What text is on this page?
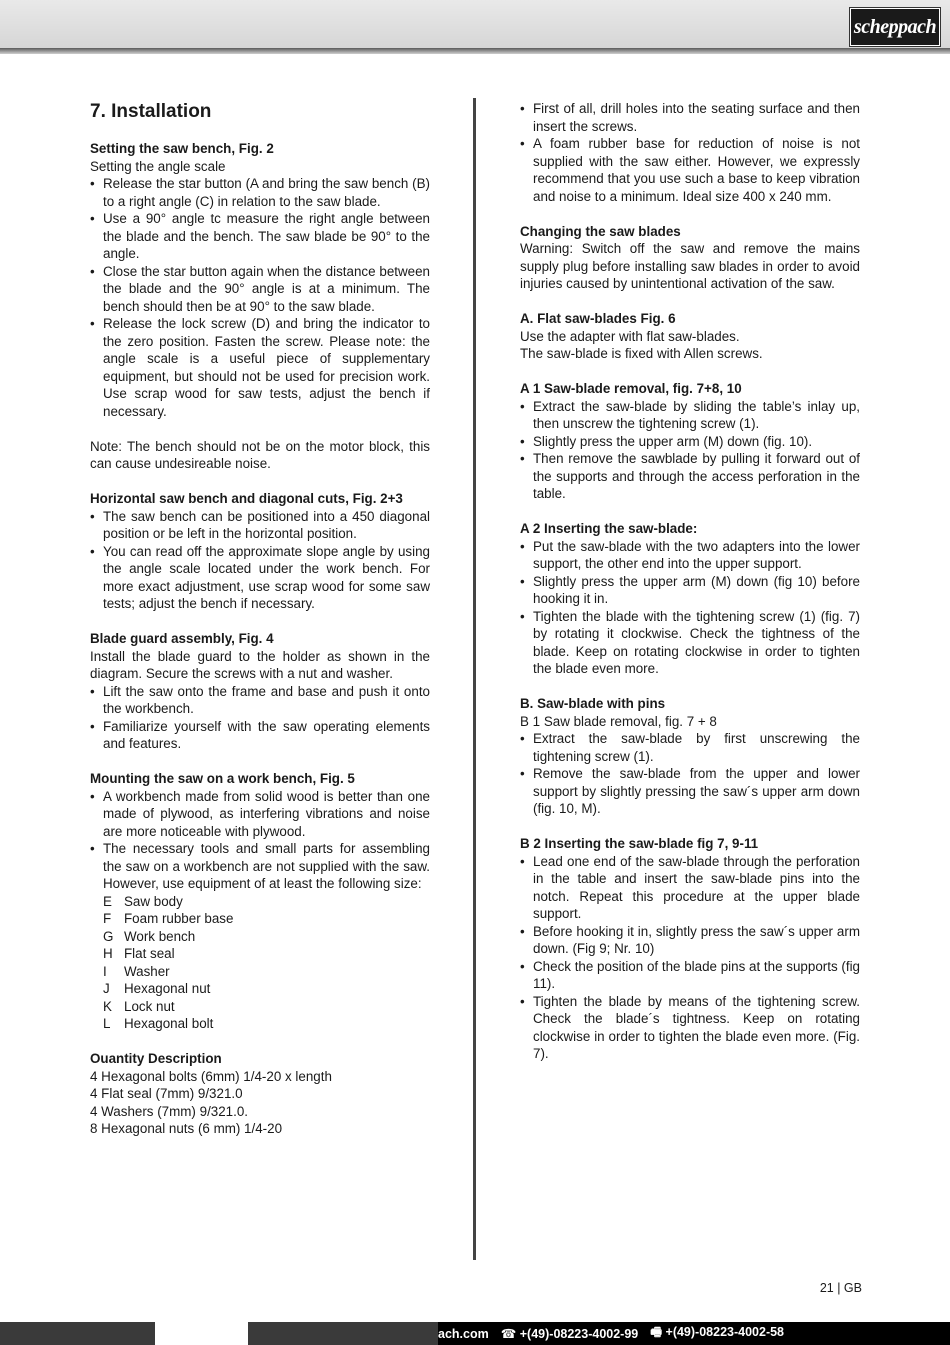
scheppach
7. Installation
Setting the saw bench, Fig. 2

Setting the angle scale

• Release the star button (A and bring the saw bench (B) to a right angle (C) in relation to the saw blade.
• Use a 90° angle tc measure the right angle between the blade and the bench. The saw blade be 90° to the angle.
• Close the star button again when the distance between the blade and the 90° angle is at a minimum. The bench should then be at 90° to the saw blade.
• Release the lock screw (D) and bring the indicator to the zero position. Fasten the screw. Please note: the angle scale is a useful piece of supplementary equipment, but should not be used for precision work. Use scrap wood for saw tests, adjust the bench if necessary.

Note: The bench should not be on the motor block, this can cause undesireable noise.

Horizontal saw bench and diagonal cuts, Fig. 2+3
• The saw bench can be positioned into a 450 diagonal position or be left in the horizontal position.
• You can read off the approximate slope angle by using the angle scale located under the work bench. For more exact adjustment, use scrap wood for some saw tests; adjust the bench if necessary.
Blade guard assembly, Fig. 4

Install the blade guard to the holder as shown in the diagram. Secure the screws with a nut and washer.

• Lift the saw onto the frame and base and push it onto the workbench.
• Familiarize yourself with the saw operating elements and features.
Mounting the saw on a work bench, Fig. 5
• A workbench made from solid wood is better than one made of plywood, as interfering vibrations and noise are more noticeable with plywood.
• The necessary tools and small parts for assembling the saw on a workbench are not supplied with the saw. However, use equipment of at least the following size:
E Saw body
F Foam rubber base
G Work bench
H Flat seal
I	Washer
J	Hexagonal nut
K Lock nut
L	Hexagonal bolt
Ouantity Description

4 Hexagonal bolts (6mm) 1/4-20 x length

4 Flat seal (7mm) 9/321.0

4 Washers (7mm) 9/321.0.

8 Hexagonal nuts (6 mm) 1/4-20

• First of all, drill holes into the seating surface and then insert the screws.
• A foam rubber base for reduction of noise is not supplied with the saw either. However, we expressly recommend that you use such a base to keep vibration and noise to a minimum. Ideal size 400 x 240 mm.
Changing the saw blades

Warning: Switch off the saw and remove the mains supply plug before installing saw blades in order to avoid injuries caused by unintentional activation of the saw.

A. Flat saw-blades Fig. 6

Use the adapter with flat saw-blades.

The saw-blade is fixed with Allen screws.

A 1 Saw-blade removal, fig. 7+8, 10
• Extract the saw-blade by sliding the table’s inlay up, then unscrew the tightening screw (1).
• Slightly press the upper arm (M) down (fig. 10).
• Then remove the sawblade by pulling it forward out of the supports and through the access perforation in the table.
A 2 Inserting the saw-blade:
• Put the saw-blade with the two adapters into the lower support, the other end into the upper support.
• Slightly press the upper arm (M) down (fig 10) before hooking it in.
• Tighten the blade with the tightening screw (1) (fig. 7) by rotating it clockwise. Check the tightness of the blade. Keep on rotating clockwise in order to tighten the blade even more.
B. Saw-blade with pins

B 1 Saw blade removal, fig. 7 + 8

• Extract the saw-blade by first unscrewing the tightening screw (1).
• Remove the saw-blade from the upper and lower support by slightly pressing the saw´s upper arm down (fig. 10, M).
B 2 Inserting the saw-blade fig 7, 9-11
• Lead one end of the saw-blade through the perforation in the table and insert the saw-blade pins into the notch. Repeat this procedure at the upper blade support.
• Before hooking it in, slightly press the saw´s upper arm down. (Fig 9; Nr. 10)
• Check the position of the blade pins at the supports (fig 11).
• Tighten the blade by means of the tightening screw. Check the blade´s tightness. Keep on rotating clockwise in order to tighten the blade even more. (Fig. 7).
21 | GB
ach.com ☎ +(49)-08223-4002-99 🖷 +(49)-08223-4002-58
